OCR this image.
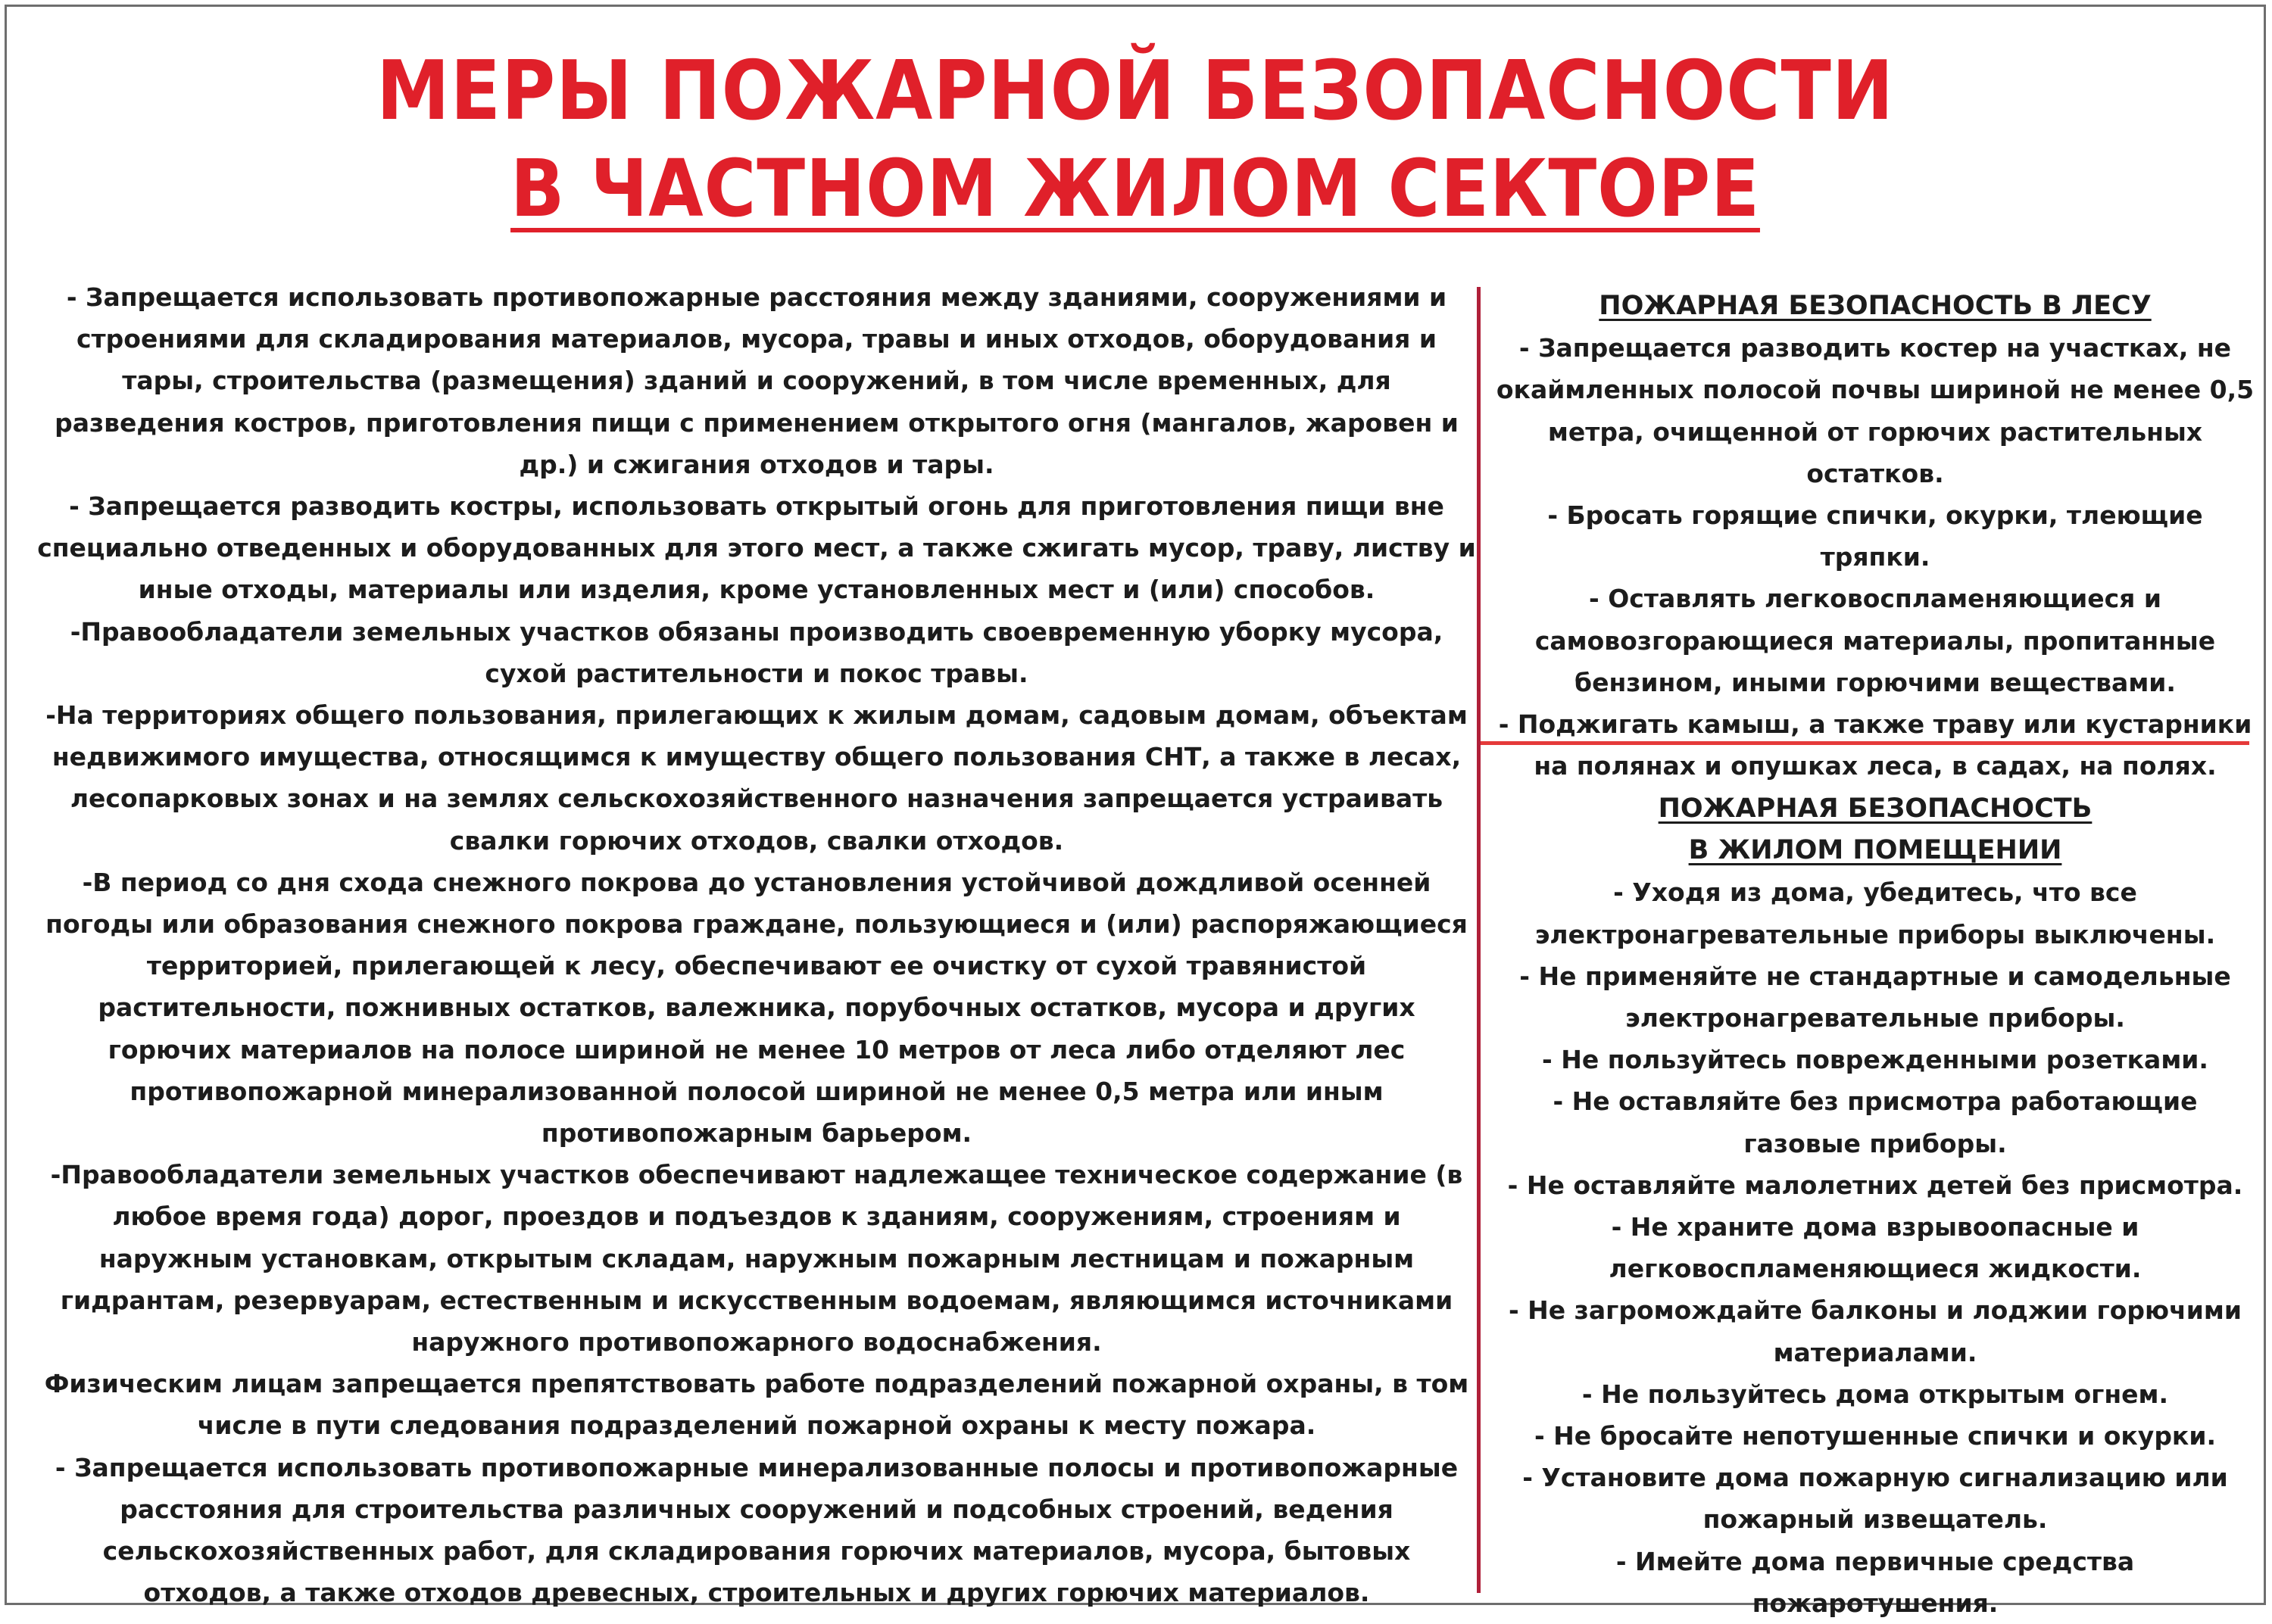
МЕРЫ ПОЖАРНОЙ БЕЗОПАСНОСТИ
В ЧАСТНОМ ЖИЛОМ СЕКТОРЕ

- Запрещается использовать противопожарные расстояния между зданиями, сооружениями и строениями для складирования материалов, мусора, травы и иных отходов, оборудования и тары, строительства (размещения) зданий и сооружений, в том числе временных, для разведения костров, приготовления пищи с применением открытого огня (мангалов, жаровен и др.) и сжигания отходов и тары.

- Запрещается разводить костры, использовать открытый огонь для приготовления пищи вне специально отведенных и оборудованных для этого мест, а также сжигать мусор, траву, листву и иные отходы, материалы или изделия, кроме установленных мест и (или) способов.

-Правообладатели земельных участков обязаны производить своевременную уборку мусора, сухой растительности и покос травы.

-На территориях общего пользования, прилегающих к жилым домам, садовым домам, объектам недвижимого имущества, относящимся к имуществу общего пользования СНТ, а также в лесах, лесопарковых зонах и на землях сельскохозяйственного назначения запрещается устраивать свалки горючих отходов, свалки отходов.

-В период со дня схода снежного покрова до установления устойчивой дождливой осенней погоды или образования снежного покрова граждане, пользующиеся и (или) распоряжающиеся территорией, прилегающей к лесу, обеспечивают ее очистку от сухой травянистой растительности, пожнивных остатков, валежника, порубочных остатков, мусора и других горючих материалов на полосе шириной не менее 10 метров от леса либо отделяют лес противопожарной минерализованной полосой шириной не менее 0,5 метра или иным противопожарным барьером.

-Правообладатели земельных участков обеспечивают надлежащее техническое содержание (в любое время года) дорог, проездов и подъездов к зданиям, сооружениям, строениям и наружным установкам, открытым складам, наружным пожарным лестницам и пожарным гидрантам, резервуарам, естественным и искусственным водоемам, являющимся источниками наружного противопожарного водоснабжения.

Физическим лицам запрещается препятствовать работе подразделений пожарной охраны, в том числе в пути следования подразделений пожарной охраны к месту пожара.

- Запрещается использовать противопожарные минерализованные полосы и противопожарные расстояния для строительства различных сооружений и подсобных строений, ведения сельскохозяйственных работ, для складирования горючих материалов, мусора, бытовых отходов, а также отходов древесных, строительных и других горючих материалов.

ПОЖАРНАЯ БЕЗОПАСНОСТЬ В ЛЕСУ

- Запрещается разводить костер на участках, не окаймленных полосой почвы шириной не менее 0,5 метра, очищенной от горючих растительных остатков.

- Бросать горящие спички, окурки, тлеющие тряпки.

- Оставлять легковоспламеняющиеся и самовозгорающиеся материалы, пропитанные бензином, иными горючими веществами.

- Поджигать камыш, а также траву или кустарники на полянах и опушках леса, в садах, на полях.

ПОЖАРНАЯ БЕЗОПАСНОСТЬ

В ЖИЛОМ ПОМЕЩЕНИИ

- Уходя из дома, убедитесь, что все электронагревательные приборы выключены.

- Не применяйте не стандартные и самодельные электронагревательные приборы.

- Не пользуйтесь поврежденными розетками.

- Не оставляйте без присмотра работающие газовые приборы.

- Не оставляйте малолетних детей без присмотра.

- Не храните дома взрывоопасные и легковоспламеняющиеся жидкости.

- Не загромождайте балконы и лоджии горючими материалами.

- Не пользуйтесь дома открытым огнем.

- Не бросайте непотушенные спички и окурки.

- Установите дома пожарную сигнализацию или пожарный извещатель.

- Имейте дома первичные средства пожаротушения.
